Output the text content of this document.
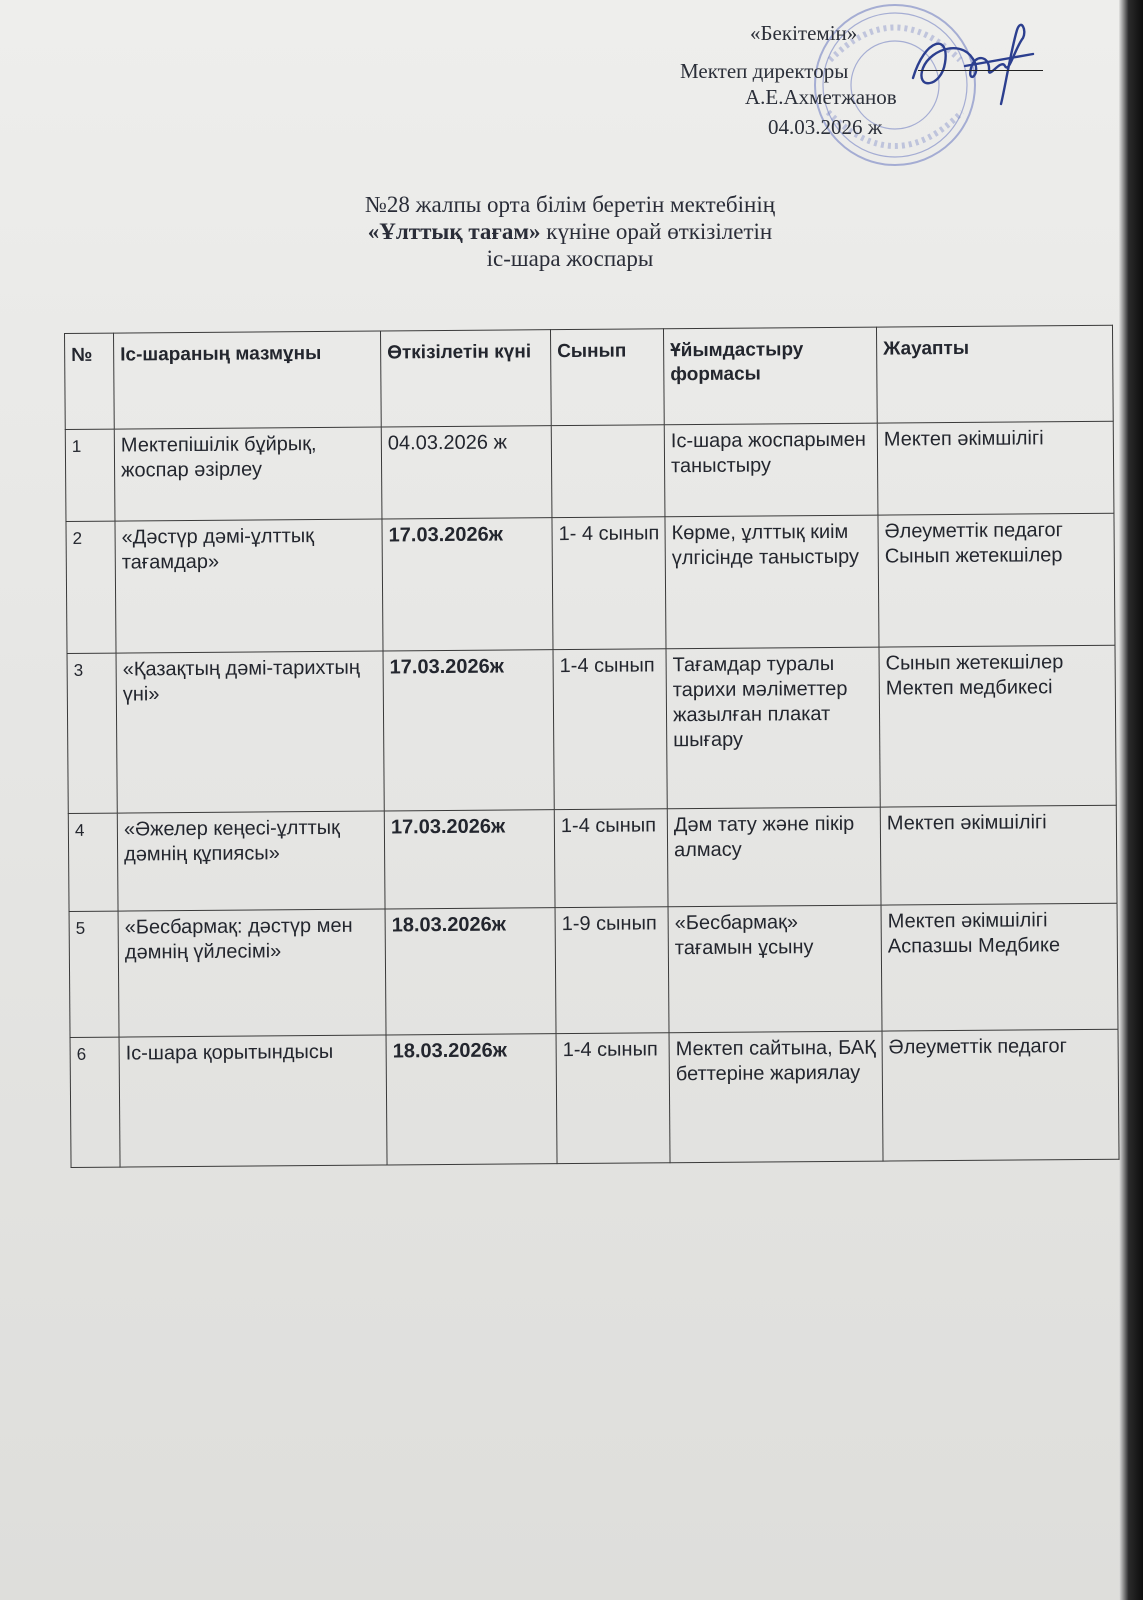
«Бекітемін»
Мектеп директоры
А.Е.Ахметжанов
04.03.2026 ж
№28 жалпы орта білім беретін мектебінің
«Ұлттық тағам» күніне орай өткізілетін
іс-шара жоспары
№	Іс-шараның мазмұны	Өткізілетін күні	Сынып	Ұйымдастыру формасы	Жауапты
1	Мектепішілік бұйрық, жоспар әзірлеу	04.03.2026 ж		Іс-шара жоспарымен таныстыру	Мектеп әкімшілігі
2	«Дәстүр дәмі-ұлттық тағамдар»	17.03.2026ж	1- 4 сынып	Көрме, ұлттық киім үлгісінде таныстыру	Әлеуметтік педагог Сынып жетекшілер
3	«Қазақтың дәмі-тарихтың үні»	17.03.2026ж	1-4 сынып	Тағамдар туралы тарихи мәліметтер жазылған плакат шығару	Сынып жетекшілер Мектеп медбикесі
4	«Әжелер кеңесі-ұлттық дәмнің құпиясы»	17.03.2026ж	1-4 сынып	Дәм тату және пікір алмасу	Мектеп әкімшілігі
5	«Бесбармақ: дәстүр мен дәмнің үйлесімі»	18.03.2026ж	1-9 сынып	«Бесбармақ» тағамын ұсыну	Мектеп әкімшілігі Аспазшы Медбике
6	Іс-шара қорытындысы	18.03.2026ж	1-4 сынып	Мектеп сайтына, БАҚ беттеріне жариялау	Әлеуметтік педагог
